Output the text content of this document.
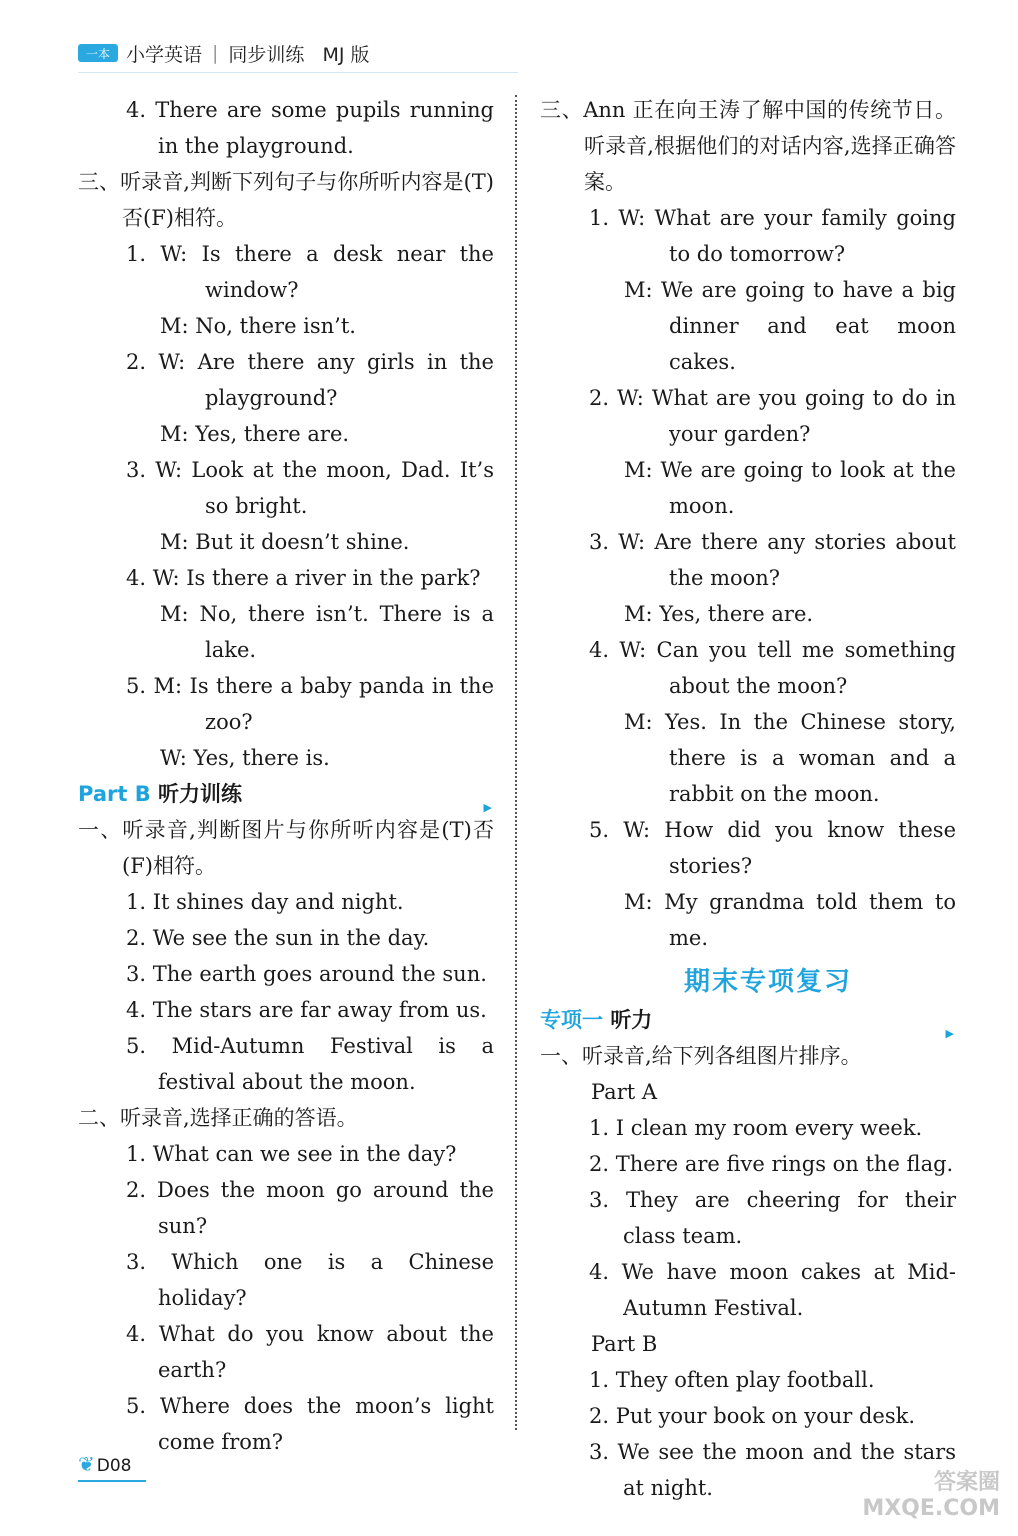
一本 小学英语 | 同步训练 MJ 版

4. There are some pupils running in the playground.

三、听录音,判断下列句子与你所听内容是(T)否(F)相符。

1. W: Is there a desk near the window?

M: No, there isn’t.

2. W: Are there any girls in the playground?

M: Yes, there are.

3. W: Look at the moon, Dad. It’s so bright.

M: But it doesn’t shine.

4. W: Is there a river in the park?

M: No, there isn’t. There is a lake.

5. M: Is there a baby panda in the zoo?

W: Yes, there is.

Part B 听力训练
▶

一、听录音,判断图片与你所听内容是(T)否(F)相符。

1. It shines day and night.

2. We see the sun in the day.

3. The earth goes around the sun.

4. The stars are far away from us.

5. Mid-Autumn Festival is a festival about the moon.

二、听录音,选择正确的答语。

1. What can we see in the day?

2. Does the moon go around the sun?

3. Which one is a Chinese holiday?

4. What do you know about the earth?

5. Where does the moon’s light come from?

三、Ann 正在向王涛了解中国的传统节日。听录音,根据他们的对话内容,选择正确答案。

1. W: What are your family going to do tomorrow?

M: We are going to have a big dinner and eat moon cakes.

2. W: What are you going to do in your garden?

M: We are going to look at the moon.

3. W: Are there any stories about the moon?

M: Yes, there are.

4. W: Can you tell me something about the moon?

M: Yes. In the Chinese story, there is a woman and a rabbit on the moon.

5. W: How did you know these stories?

M: My grandma told them to me.

期末专项复习

专项一 听力
▶

一、听录音,给下列各组图片排序。

Part A

1. I clean my room every week.

2. There are five rings on the flag.

3. They are cheering for their class team.

4. We have moon cakes at Mid-Autumn Festival.

Part B

1. They often play football.

2. Put your book on your desk.

3. We see the moon and the stars at night.

❦ D08
答案圈
MXQE.COM
